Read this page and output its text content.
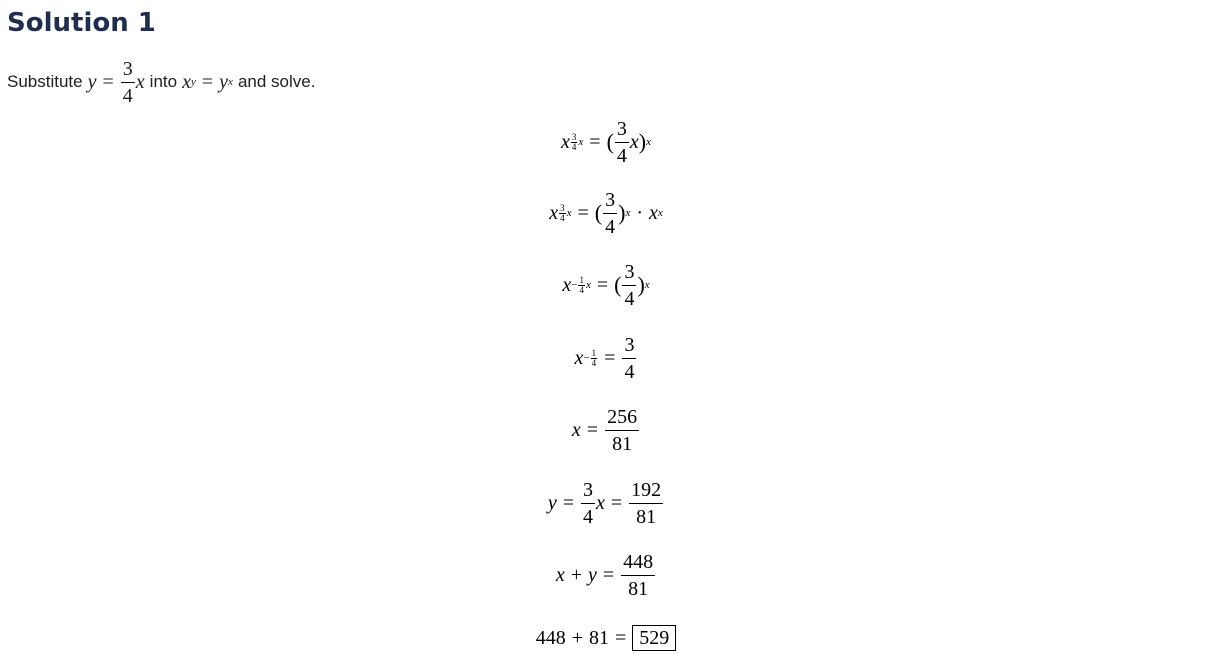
Solution 1
Substitute $y = \frac{3}{4}$ x into x y = y x and solve.
x $\frac{3}{4}$ x = ( $\frac{3}{4}$ x ) x
x $\frac{3}{4}$ x = ( $\frac{3}{4}$ ) x · x x
$x - \frac{1}{4}$ x = ( $\frac{3}{4}$ ) x
$x - \frac{1}{4} = \frac{3}{4}$
$x = \frac{256}{81}$
$y = \frac{3}{4}$ $x = \frac{192}{81}$
$x + y = \frac{448}{81}$
448 + 81 = 529
